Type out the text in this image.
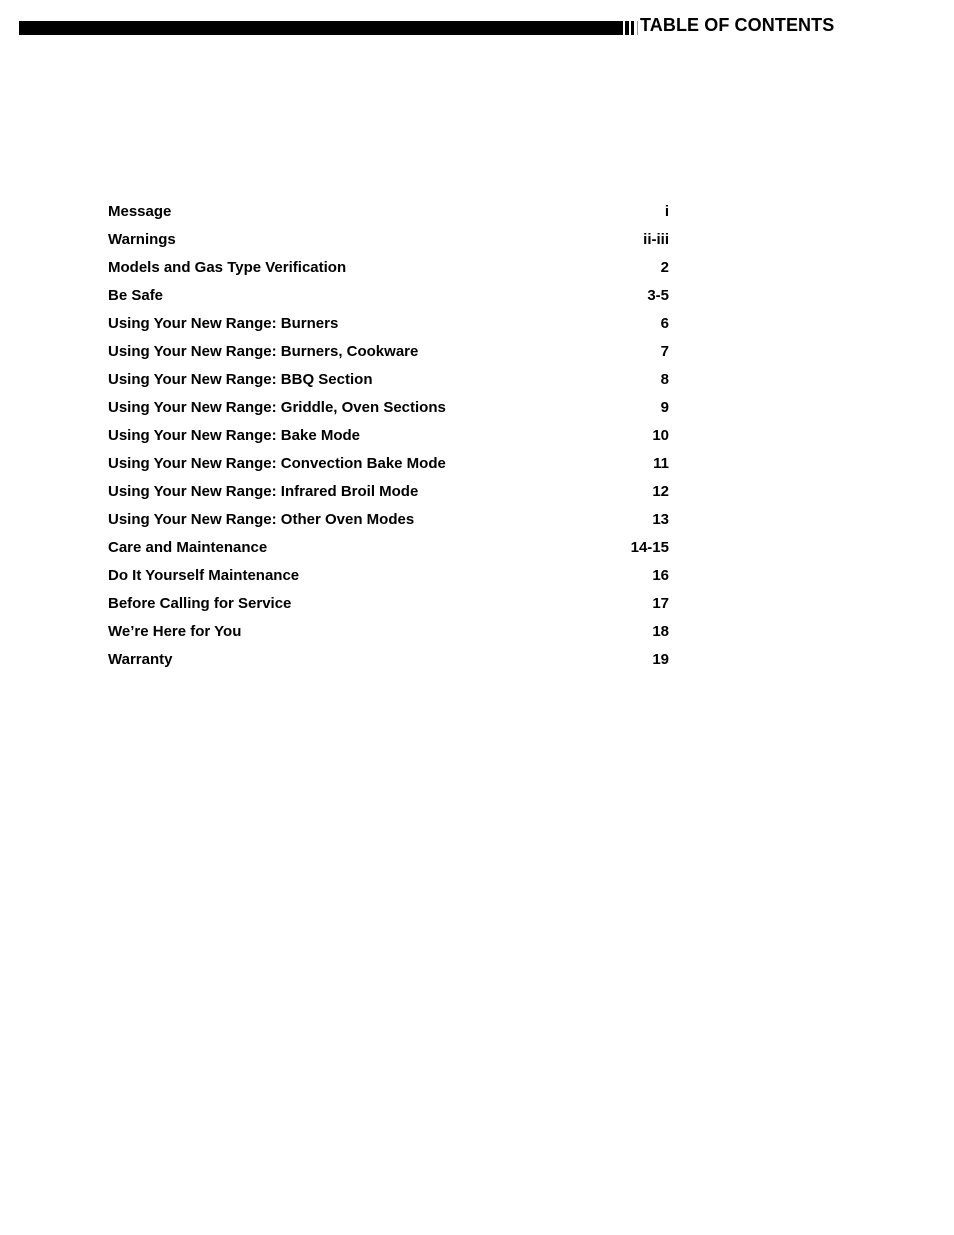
TABLE OF CONTENTS
Message	i
Warnings	ii-iii
Models and Gas Type Verification	2
Be Safe	3-5
Using Your New Range: Burners	6
Using Your New Range: Burners, Cookware	7
Using Your New Range: BBQ Section	8
Using Your New Range: Griddle, Oven Sections	9
Using Your New Range: Bake Mode	10
Using Your New Range: Convection Bake Mode	11
Using Your New Range: Infrared Broil Mode	12
Using Your New Range: Other Oven Modes	13
Care and Maintenance	14-15
Do It Yourself Maintenance	16
Before Calling for Service	17
We’re Here for You	18
Warranty	19
